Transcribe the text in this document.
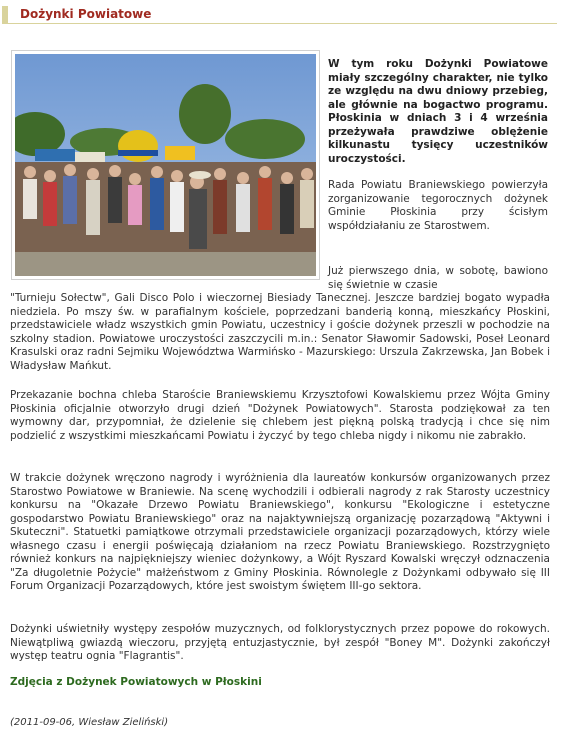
Dożynki Powiatowe

W tym roku Dożynki Powiatowe miały szczególny charakter, nie tylko ze względu na dwu dniowy przebieg, ale głównie na bogactwo programu. Płoskinia w dniach 3 i 4 września przeżywała prawdziwe oblężenie kilkunastu tysięcy uczestników uroczystości.

Rada Powiatu Braniewskiego powierzyła zorganizowanie tegorocznych dożynek Gminie Płoskinia przy ścisłym współdziałaniu ze Starostwem.

Już pierwszego dnia, w sobotę, bawiono się świetnie w czasie
"Turnieju Sołectw", Gali Disco Polo i wieczornej Biesiady Tanecznej. Jeszcze bardziej bogato wypadła niedziela. Po mszy św. w parafialnym kościele, poprzedzani banderią konną, mieszkańcy Płoskini, przedstawiciele władz wszystkich gmin Powiatu, uczestnicy i goście dożynek przeszli w pochodzie na szkolny stadion. Powiatowe uroczystości zaszczycili m.in.: Senator Sławomir Sadowski, Poseł Leonard Krasulski oraz radni Sejmiku Województwa Warmińsko - Mazurskiego: Urszula Zakrzewska, Jan Bobek i Władysław Mańkut.
Przekazanie bochna chleba Staroście Braniewskiemu Krzysztofowi Kowalskiemu przez Wójta Gminy Płoskinia oficjalnie otworzyło drugi dzień "Dożynek Powiatowych". Starosta podziękował za ten wymowny dar, przypomniał, że dzielenie się chlebem jest piękną polską tradycją i chce się nim podzielić z wszystkimi mieszkańcami Powiatu i życzyć by tego chleba nigdy i nikomu nie zabrakło.
W trakcie dożynek wręczono nagrody i wyróżnienia dla laureatów konkursów organizowanych przez Starostwo Powiatowe w Braniewie. Na scenę wychodzili i odbierali nagrody z rak Starosty uczestnicy konkursu na "Okazałe Drzewo Powiatu Braniewskiego", konkursu "Ekologiczne i estetyczne gospodarstwo Powiatu Braniewskiego" oraz na najaktywniejszą organizację pozarządową "Aktywni i Skuteczni". Statuetki pamiątkowe otrzymali przedstawiciele organizacji pozarządowych, którzy wiele własnego czasu i energii poświęcają działaniom na rzecz Powiatu Braniewskiego. Rozstrzygnięto również konkurs na najpiękniejszy wieniec dożynkowy, a Wójt Ryszard Kowalski wręczył odznaczenia "Za długoletnie Pożycie" małżeństwom z Gminy Płoskinia. Równolegle z Dożynkami odbywało się III Forum Organizacji Pozarządowych, które jest swoistym świętem III-go sektora.
Dożynki uświetniły występy zespołów muzycznych, od folklorystycznych przez popowe do rokowych. Niewątpliwą gwiazdą wieczoru, przyjętą entuzjastycznie, był zespół "Boney M". Dożynki zakończył występ teatru ognia "Flagrantis".
Zdjęcia z Dożynek Powiatowych w Płoskini
(2011-09-06, Wiesław Zieliński)
